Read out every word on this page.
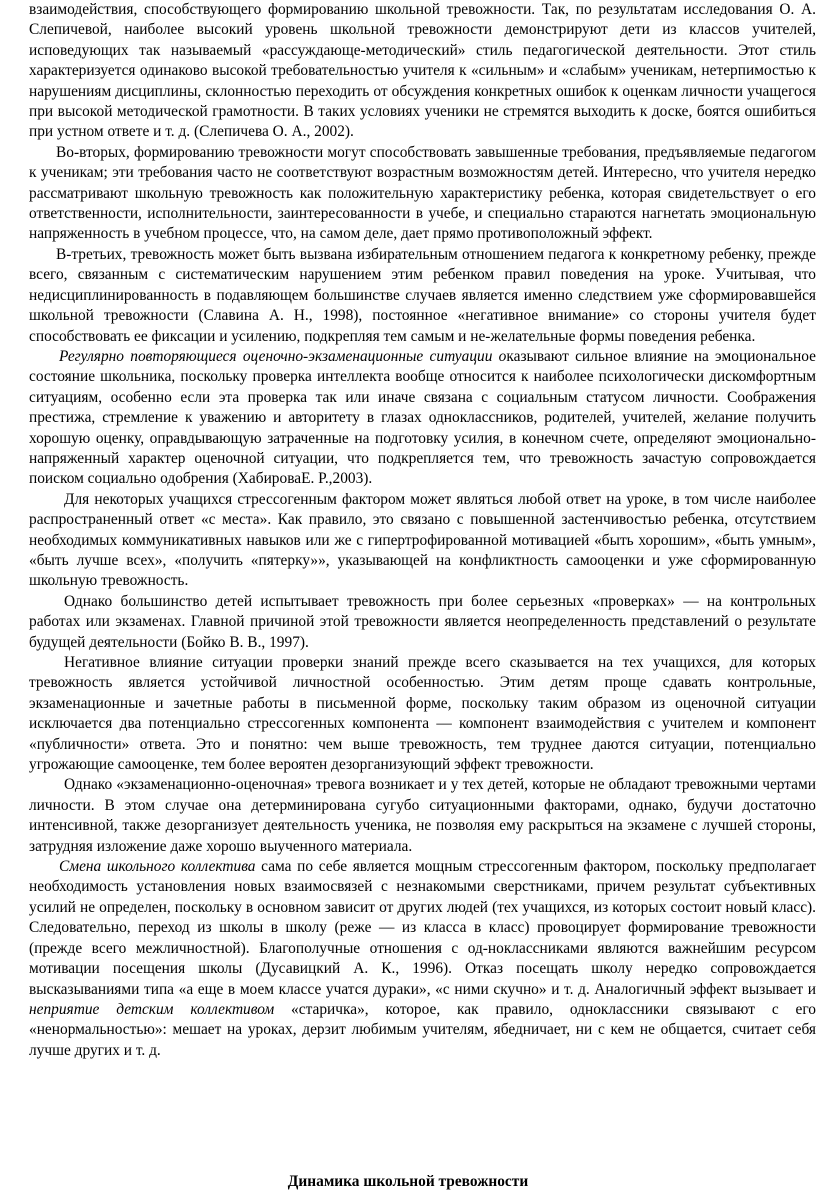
взаимодействия, способствующего формированию школьной тревожности. Так, по результатам исследования О. А. Слепичевой, наиболее высокий уровень школьной тревожности демонстрируют дети из классов учителей, исповедующих так называемый «рассуждающе-методический» стиль педагогической деятельности. Этот стиль характеризуется одинаково высокой требовательностью учителя к «сильным» и «слабым» ученикам, нетерпимостью к нарушениям дисциплины, склонностью переходить от обсуждения конкретных ошибок к оценкам личности учащегося при высокой методической грамотности. В таких условиях ученики не стремятся выходить к доске, боятся ошибиться при устном ответе и т. д. (Слепичева О. А., 2002).

Во-вторых, формированию тревожности могут способствовать завышенные требования, предъявляемые педагогом к ученикам; эти требования часто не соответствуют возрастным возможностям детей. Интересно, что учителя нередко рассматривают школьную тревожность как положительную характеристику ребенка, которая свидетельствует о его ответственности, исполнительности, заинтересованности в учебе, и специально стараются нагнетать эмоциональную напряженность в учебном процессе, что, на самом деле, дает прямо противоположный эффект.

В-третьих, тревожность может быть вызвана избирательным отношением педагога к конкретному ребенку, прежде всего, связанным с систематическим нарушением этим ребенком правил поведения на уроке. Учитывая, что недисциплинированность в подавляющем большинстве случаев является именно следствием уже сформировавшейся школьной тревожности (Славина А. Н., 1998), постоянное «негативное внимание» со стороны учителя будет способствовать ее фиксации и усилению, подкрепляя тем самым и не-желательные формы поведения ребенка.

Регулярно повторяющиеся оценочно-экзаменационные ситуации оказывают сильное влияние на эмоциональное состояние школьника, поскольку проверка интеллекта вообще относится к наиболее психологически дискомфортным ситуациям, особенно если эта проверка так или иначе связана с социальным статусом личности. Соображения престижа, стремление к уважению и авторитету в глазах одноклассников, родителей, учителей, желание получить хорошую оценку, оправдывающую затраченные на подготовку усилия, в конечном счете, определяют эмоционально-напряженный характер оценочной ситуации, что подкрепляется тем, что тревожность зачастую сопровождается поиском социально одобрения (ХабироваЕ. Р.,2003).

Для некоторых учащихся стрессогенным фактором может являться любой ответ на уроке, в том числе наиболее распространенный ответ «с места». Как правило, это связано с повышенной застенчивостью ребенка, отсутствием необходимых коммуникативных навыков или же с гипертрофированной мотивацией «быть хорошим», «быть умным», «быть лучше всех», «получить «пятерку»», указывающей на конфликтность самооценки и уже сформированную школьную тревожность.

Однако большинство детей испытывает тревожность при более серьезных «проверках» — на контрольных работах или экзаменах. Главной причиной этой тревожности является неопределенность представлений о результате будущей деятельности (Бойко В. В., 1997).

Негативное влияние ситуации проверки знаний прежде всего сказывается на тех учащихся, для которых тревожность является устойчивой личностной особенностью. Этим детям проще сдавать контрольные, экзаменационные и зачетные работы в письменной форме, поскольку таким образом из оценочной ситуации исключается два потенциально стрессогенных компонента — компонент взаимодействия с учителем и компонент «публичности» ответа. Это и понятно: чем выше тревожность, тем труднее даются ситуации, потенциально угрожающие самооценке, тем более вероятен дезорганизующий эффект тревожности.

Однако «экзаменационно-оценочная» тревога возникает и у тех детей, которые не обладают тревожными чертами личности. В этом случае она детерминирована сугубо ситуационными факторами, однако, будучи достаточно интенсивной, также дезорганизует деятельность ученика, не позволяя ему раскрыться на экзамене с лучшей стороны, затрудняя изложение даже хорошо выученного материала.

Смена школьного коллектива сама по себе является мощным стрессогенным фактором, поскольку предполагает необходимость установления новых взаимосвязей с незнакомыми сверстниками, причем результат субъективных усилий не определен, поскольку в основном зависит от других людей (тех учащихся, из которых состоит новый класс). Следовательно, переход из школы в школу (реже — из класса в класс) провоцирует формирование тревожности (прежде всего межличностной). Благополучные отношения с од-ноклассниками являются важнейшим ресурсом мотивации посещения школы (Дусавицкий А. К., 1996). Отказ посещать школу нередко сопровождается высказываниями типа «а еще в моем классе учатся дураки», «с ними скучно» и т. д. Аналогичный эффект вызывает и неприятие детским коллективом «старичка», которое, как правило, одноклассники связывают с его «ненормальностью»: мешает на уроках, дерзит любимым учителям, ябедничает, ни с кем не общается, считает себя лучше других и т. д.

Динамика школьной тревожности
